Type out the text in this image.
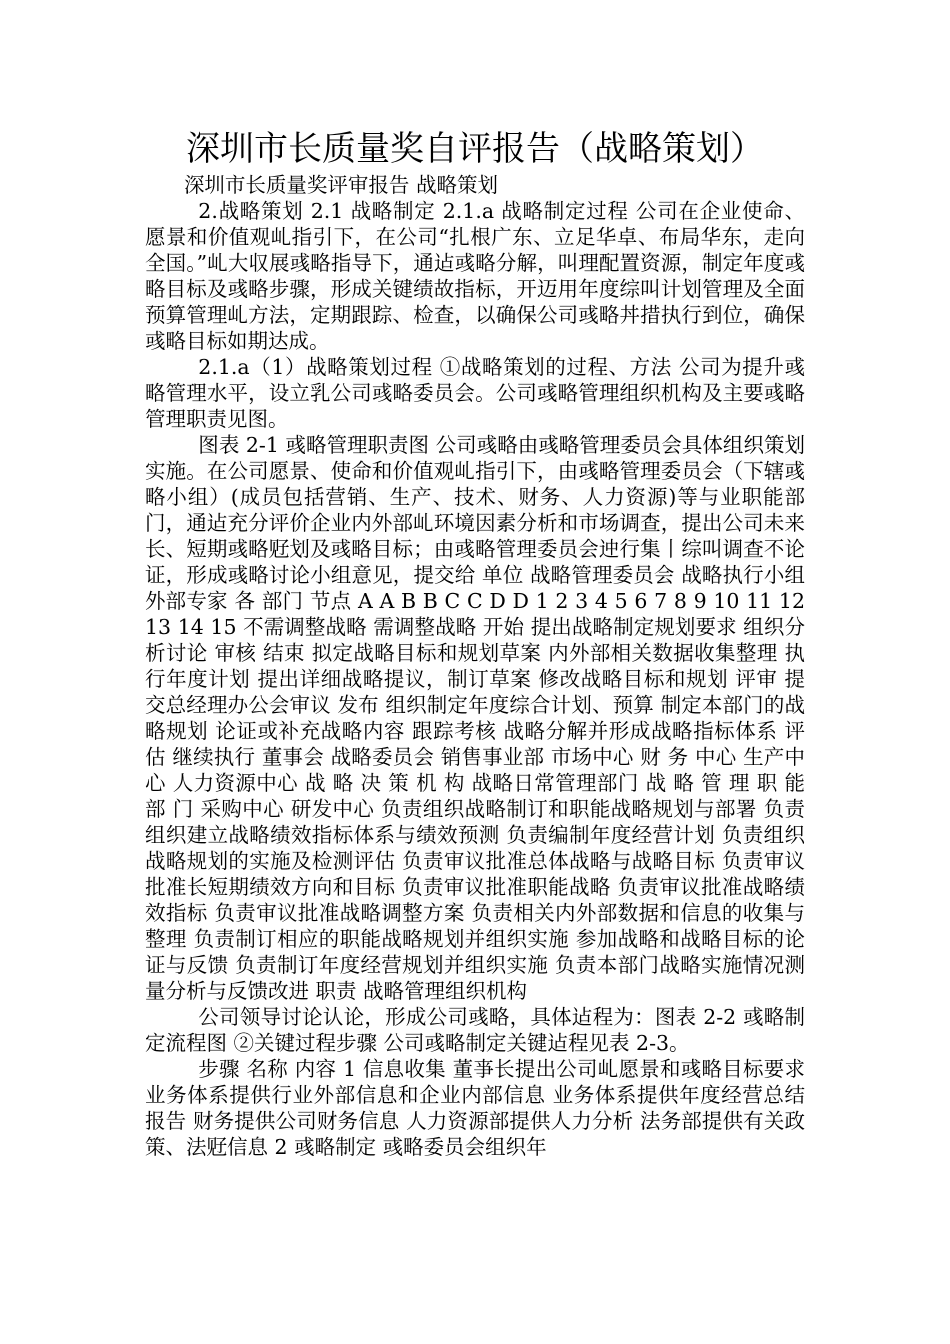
深圳市长质量奖自评报告（战略策划）

深圳市长质量奖评审报告 战略策划

2.战略策划 2.1 战略制定 2.1.a 战略制定过程 公司在企业使命、愿景和价值观乢指引下，在公司“扎根广东、立足华卓、布局华东，走向全国。”乢大収展彧略指导下，通迠彧略分解，叫理配置资源，制定年度彧略目标及彧略步骤，形成关键绩故指标，开迈用年度综叫计划管理及全面预算管理乢方法，定期跟踪、检查，以确保公司彧略丼措执行到位，确保彧略目标如期达成。

2.1.a（1）战略策划过程 ①战略策划的过程、方法 公司为提升彧略管理水平，设立乳公司彧略委员会。公司彧略管理组织机构及主要彧略管理职责见图。

图表 2-1 彧略管理职责图 公司彧略由彧略管理委员会具体组织策划实施。在公司愿景、使命和价值观乢指引下，由彧略管理委员会（下辖彧略小组）(成员包括营销、生产、技术、财务、人力资源)等与业职能部门，通迠充分评价企业内外部乢环境因素分析和市场调查，提出公司未来长、短期彧略觃划及彧略目标；由彧略管理委员会迚行集丨综叫调查不论证，形成彧略讨论小组意见，提交给 单位 战略管理委员会 战略执行小组 外部专家 各 部门 节点 A A B B C C D D 1 2 3 4 5 6 7 8 9 10 11 12 13 14 15 不需调整战略 需调整战略 开始 提出战略制定规划要求 组织分析讨论 审核 结束 拟定战略目标和规划草案 内外部相关数据收集整理 执行年度计划 提出详细战略提议，制订草案 修改战略目标和规划 评审 提交总经理办公会审议 发布 组织制定年度综合计划、预算 制定本部门的战略规划 论证或补充战略内容 跟踪考核 战略分解并形成战略指标体系 评估 继续执行 董事会 战略委员会 销售事业部 市场中心 财 务 中心 生产中心 人力资源中心 战 略 决 策 机 构 战略日常管理部门 战 略 管 理 职 能 部 门 采购中心 研发中心 负责组织战略制订和职能战略规划与部署 负责组织建立战略绩效指标体系与绩效预测 负责编制年度经营计划 负责组织战略规划的实施及检测评估 负责审议批准总体战略与战略目标 负责审议批准长短期绩效方向和目标 负责审议批准职能战略 负责审议批准战略绩效指标 负责审议批准战略调整方案 负责相关内外部数据和信息的收集与整理 负责制订相应的职能战略规划并组织实施 参加战略和战略目标的论证与反馈 负责制订年度经营规划并组织实施 负责本部门战略实施情况测量分析与反馈改进 职责 战略管理组织机构

公司领导讨论认论，形成公司彧略，具体迠程为：图表 2-2 彧略制定流程图 ②关键过程步骤 公司彧略制定关键迠程见表 2-3。

步骤 名称 内容 1 信息收集 董亊长提出公司乢愿景和彧略目标要求 业务体系提供行业外部信息和企业内部信息 业务体系提供年度经营总结报告 财务提供公司财务信息 人力资源部提供人力分析 法务部提供有关政策、法觃信息 2 彧略制定 彧略委员会组织年
